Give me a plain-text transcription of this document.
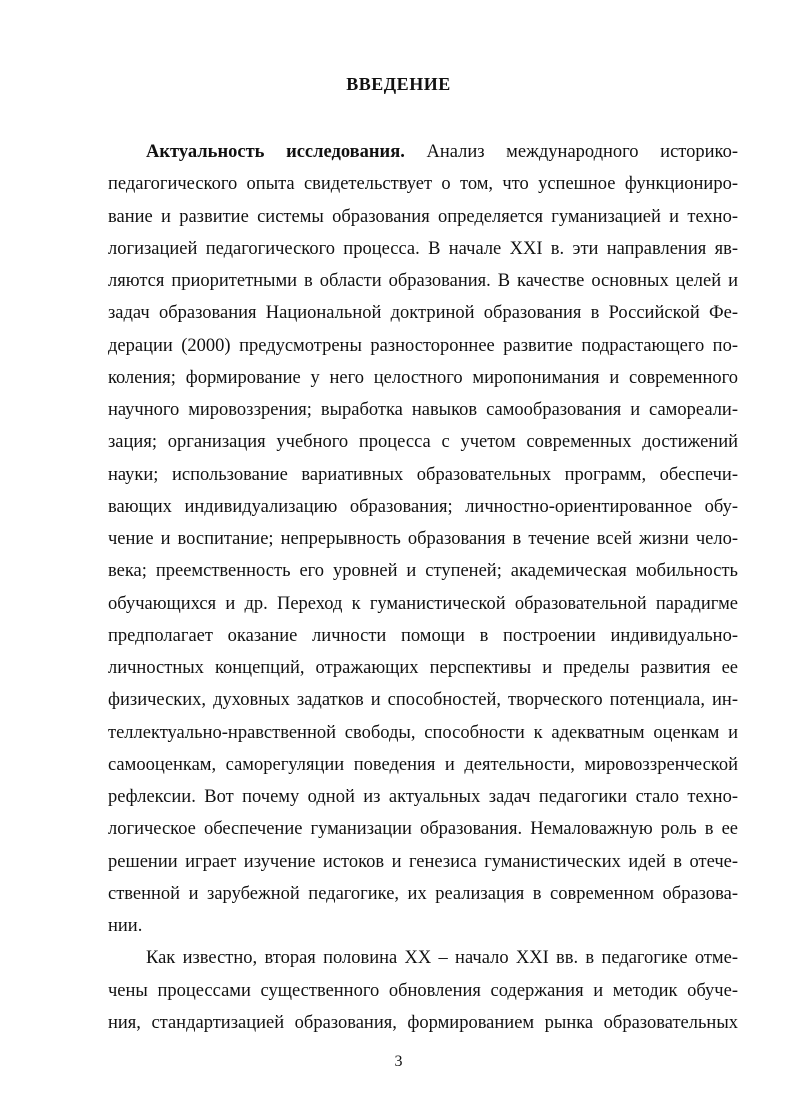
ВВЕДЕНИЕ
Актуальность исследования. Анализ международного историко-
педагогического опыта свидетельствует о том, что успешное функциониро-
вание и развитие системы образования определяется гуманизацией и техно-
логизацией педагогического процесса. В начале XXI в. эти направления яв-
ляются приоритетными в области образования. В качестве основных целей и
задач образования Национальной доктриной образования в Российской Фе-
дерации (2000) предусмотрены разностороннее развитие подрастающего по-
коления; формирование у него целостного миропонимания и современного
научного мировоззрения; выработка навыков самообразования и самореали-
зация; организация учебного процесса с учетом современных достижений
науки; использование вариативных образовательных программ, обеспечи-
вающих индивидуализацию образования; личностно-ориентированное обу-
чение и воспитание; непрерывность образования в течение всей жизни чело-
века; преемственность его уровней и ступеней; академическая мобильность
обучающихся и др. Переход к гуманистической образовательной парадигме
предполагает оказание личности помощи в построении индивидуально-
личностных концепций, отражающих перспективы и пределы развития ее
физических, духовных задатков и способностей, творческого потенциала, ин-
теллектуально-нравственной свободы, способности к адекватным оценкам и
самооценкам, саморегуляции поведения и деятельности, мировоззренческой
рефлексии. Вот почему одной из актуальных задач педагогики стало техно-
логическое обеспечение гуманизации образования. Немаловажную роль в ее
решении играет изучение истоков и генезиса гуманистических идей в отече-
ственной и зарубежной педагогике, их реализация в современном образова-
нии.
Как известно, вторая половина XX – начало XXI вв. в педагогике отме-
чены процессами существенного обновления содержания и методик обуче-
ния, стандартизацией образования, формированием рынка образовательных
3
